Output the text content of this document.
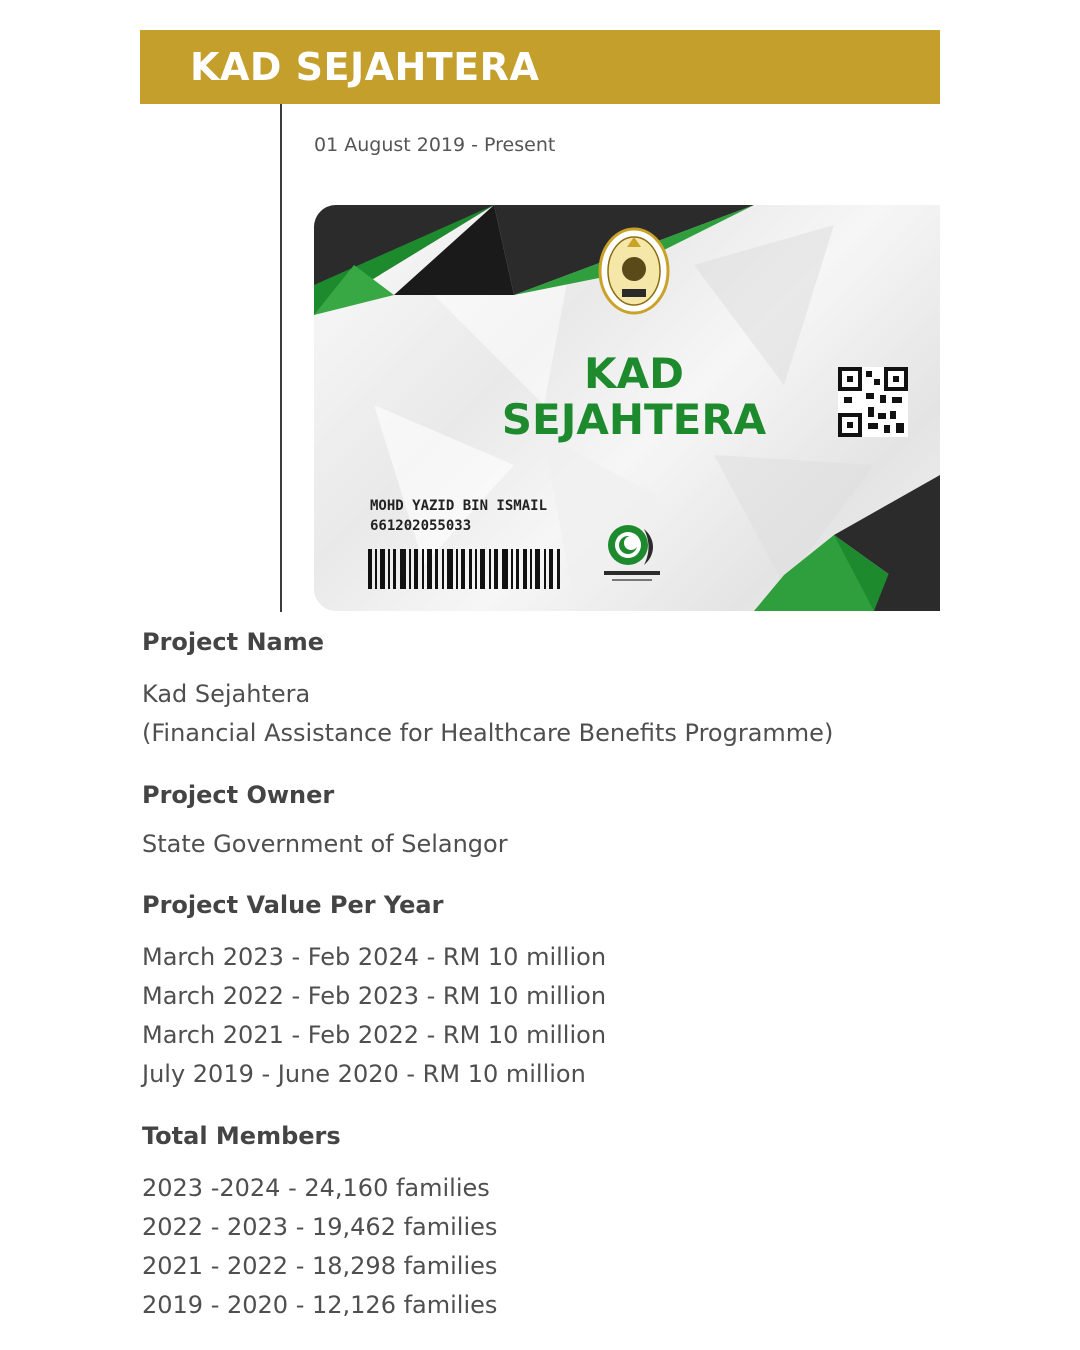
KAD SEJAHTERA
01 August 2019 - Present
KAD
SEJAHTERA
MOHD YAZID BIN ISMAIL
661202055033
Project Name
Kad Sejahtera
(Financial Assistance for Healthcare Benefits Programme)
Project Owner
State Government of Selangor
Project Value Per Year
March 2023 - Feb 2024 - RM 10 million
March 2022 - Feb 2023 - RM 10 million
March 2021 - Feb 2022 - RM 10 million
July 2019 - June 2020 - RM 10 million
Total Members
2023 -2024 - 24,160 families
2022 - 2023 - 19,462 families
2021 - 2022 - 18,298 families
2019 - 2020 - 12,126 families
